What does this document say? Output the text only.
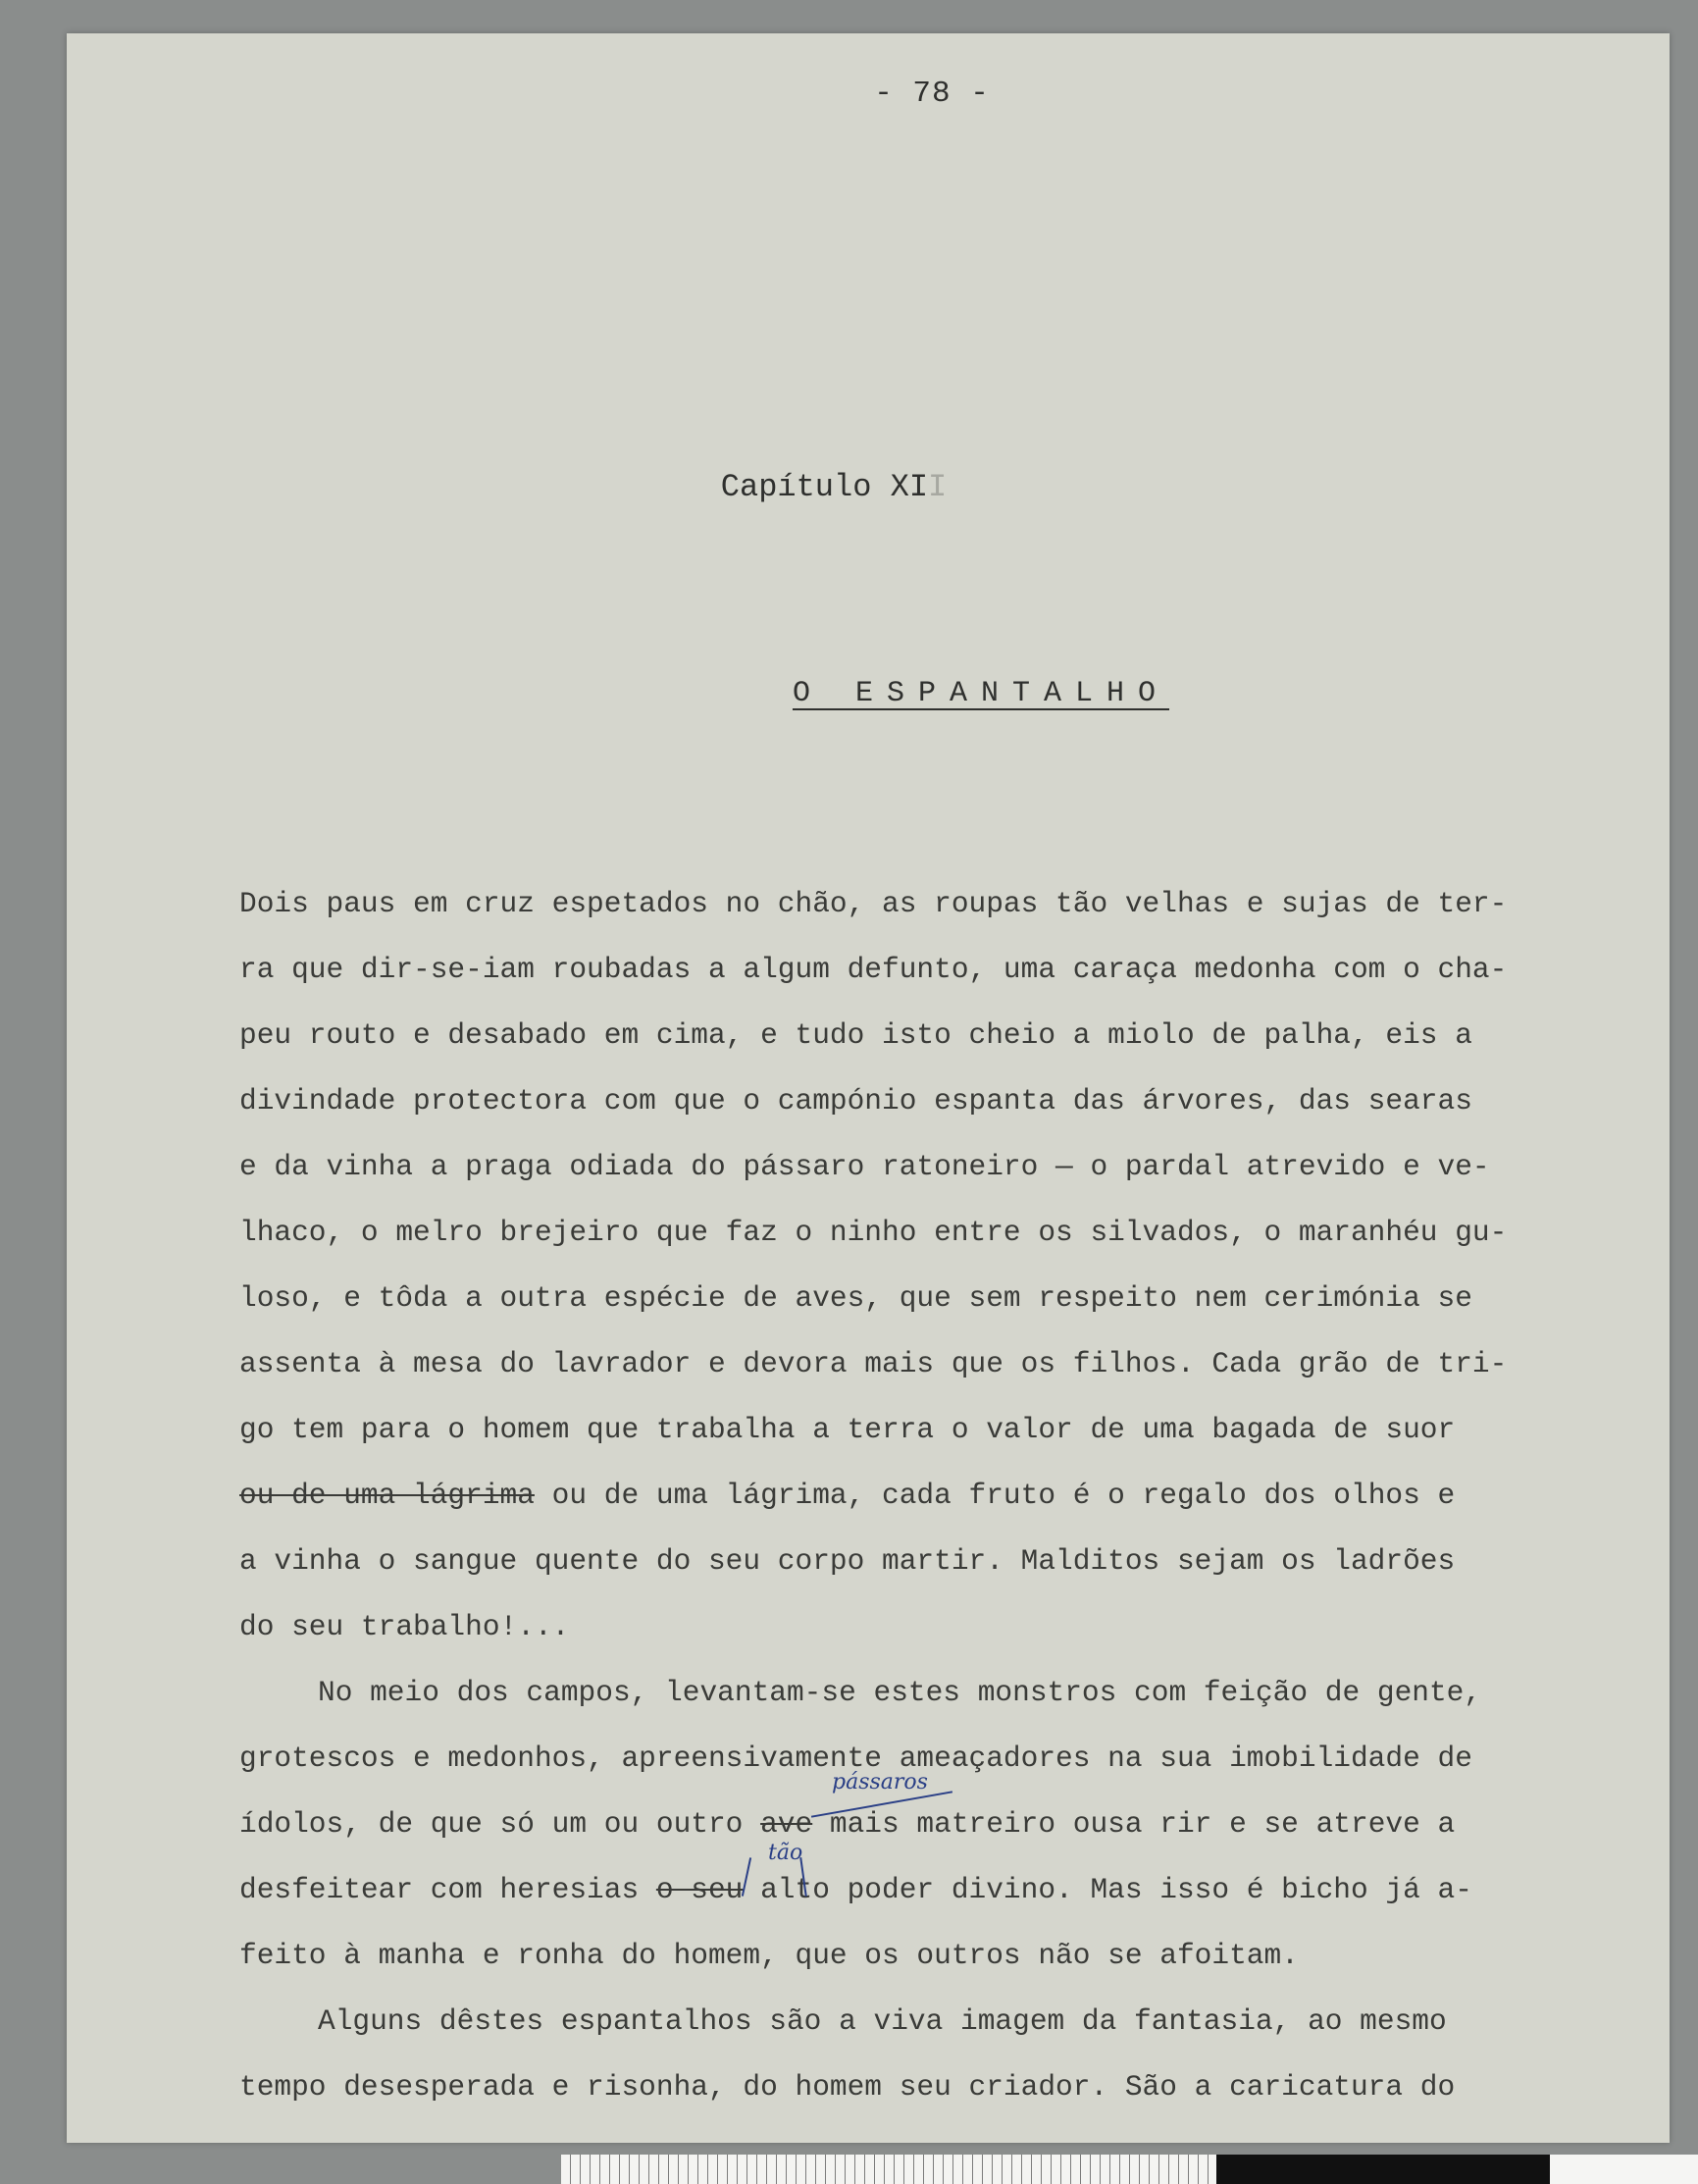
- 78 -
Capítulo XII
O ESPANTALHO
Dois paus em cruz espetados no chão, as roupas tão velhas e sujas de ter-
ra que dir-se-iam roubadas a algum defunto, uma caraça medonha com o cha-
peu routo e desabado em cima, e tudo isto cheio a miolo de palha, eis a
divindade protectora com que o campónio espanta das árvores, das searas
e da vinha a praga odiada do pássaro ratoneiro — o pardal atrevido e ve-
lhaco, o melro brejeiro que faz o ninho entre os silvados, o maranhéu gu-
loso, e tôda a outra espécie de aves, que sem respeito nem cerimónia se
assenta à mesa do lavrador e devora mais que os filhos. Cada grão de tri-
go tem para o homem que trabalha a terra o valor de uma bagada de suor
ou de uma lágrima ou de uma lágrima, cada fruto é o regalo dos olhos e
a vinha o sangue quente do seu corpo martir. Malditos sejam os ladrões
do seu trabalho!...
No meio dos campos, levantam-se estes monstros com feição de gente,
grotescos e medonhos, apreensivamente ameaçadores na sua imobilidade de
ídolos, de que só um ou outro ave mais matreiro ousa rir e se atreve a
desfeitear com heresias o seu alto poder divino. Mas isso é bicho já a-
feito à manha e ronha do homem, que os outros não se afoitam.
Alguns dêstes espantalhos são a viva imagem da fantasia, ao mesmo
tempo desesperada e risonha, do homem seu criador. São a caricatura do
pássaros
tão
